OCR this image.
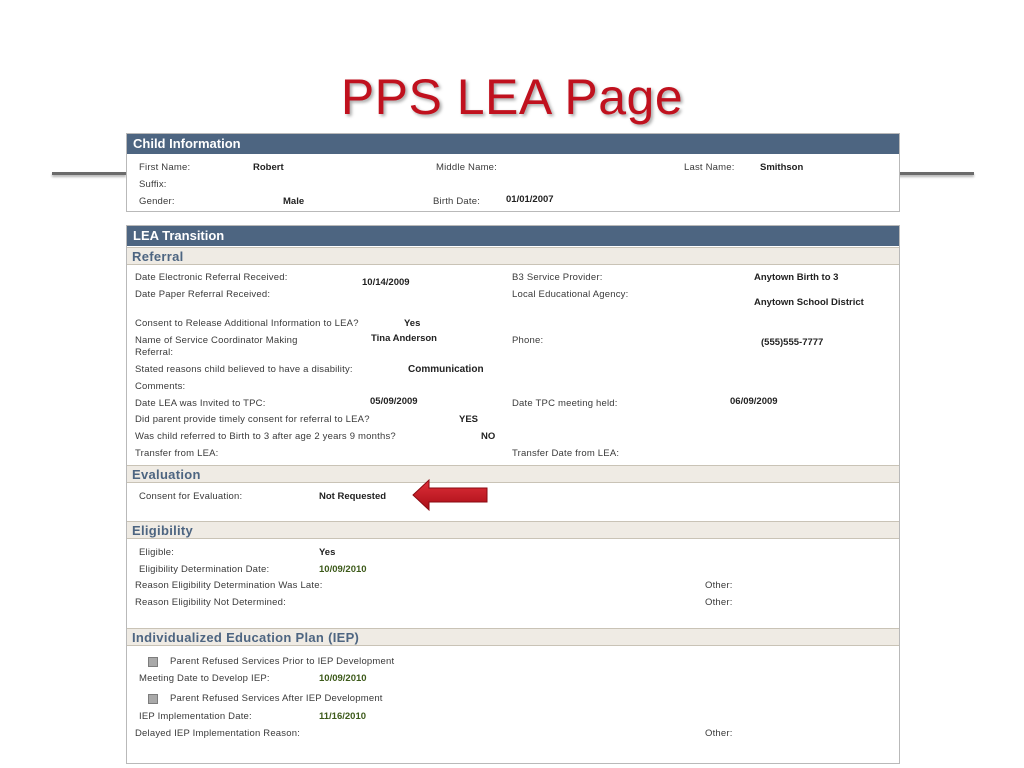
PPS LEA Page
Child Information
First Name:	Robert	Middle Name:	Last Name:	Smithson
Suffix:
Gender:	Male	Birth Date:	01/01/2007
LEA Transition
Referral
Date Electronic Referral Received:	10/14/2009	B3 Service Provider:	Anytown Birth to 3
Date Paper Referral Received:	Local Educational Agency:
Anytown School District
Consent to Release Additional Information to LEA?	Yes
Name of Service Coordinator Making
Referral:
Tina Anderson	Phone:	(555)555-7777
Stated reasons child believed to have a disability:	Communication
Comments:
Date LEA was Invited to TPC:	05/09/2009	Date TPC meeting held:	06/09/2009
Did parent provide timely consent for referral to LEA?	YES
Was child referred to Birth to 3 after age 2 years 9 months?	NO
Transfer from LEA:	Transfer Date from LEA:
Evaluation
Consent for Evaluation:	Not Requested
Eligibility
Eligible:	Yes
Eligibility Determination Date:	10/09/2010
Reason Eligibility Determination Was Late:	Other:
Reason Eligibility Not Determined:	Other:
Individualized Education Plan (IEP)
Parent Refused Services Prior to IEP Development
Meeting Date to Develop IEP:	10/09/2010
Parent Refused Services After IEP Development
IEP Implementation Date:	11/16/2010
Delayed IEP Implementation Reason:	Other:
